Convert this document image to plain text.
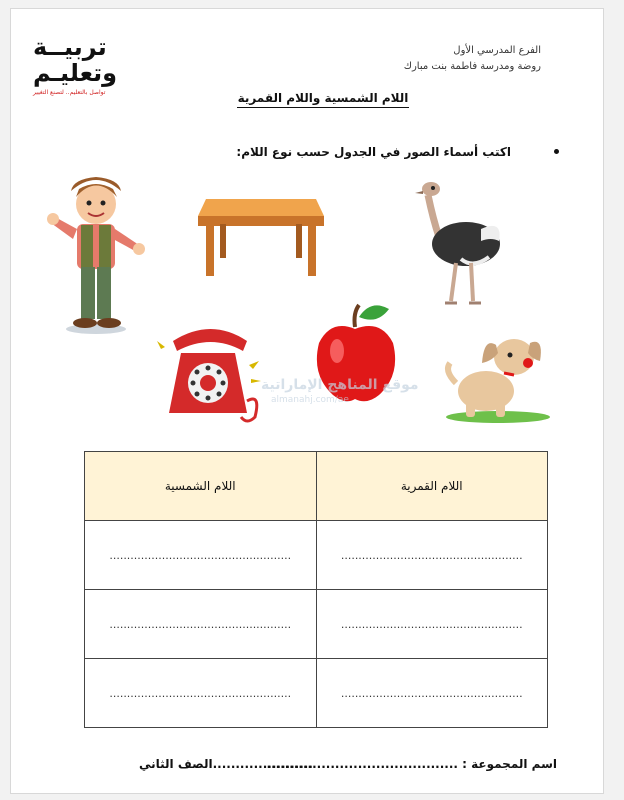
تربيــة
وتعليـم
تواصل بالتعليم.. لتصنع التغيير
الفرع المدرسي الأول
روضة ومدرسة فاطمة بنت مبارك
اللام الشمسية واللام القمرية
اكتب أسماء الصور في الجدول حسب نوع اللام:
almanahj.com/ae
موقع المناهج الإماراتية
اللام القمرية	اللام الشمسية
....................................................	....................................................
....................................................	....................................................
....................................................	....................................................
اسم المجموعة : ..........................................
......................الصف الثاني
